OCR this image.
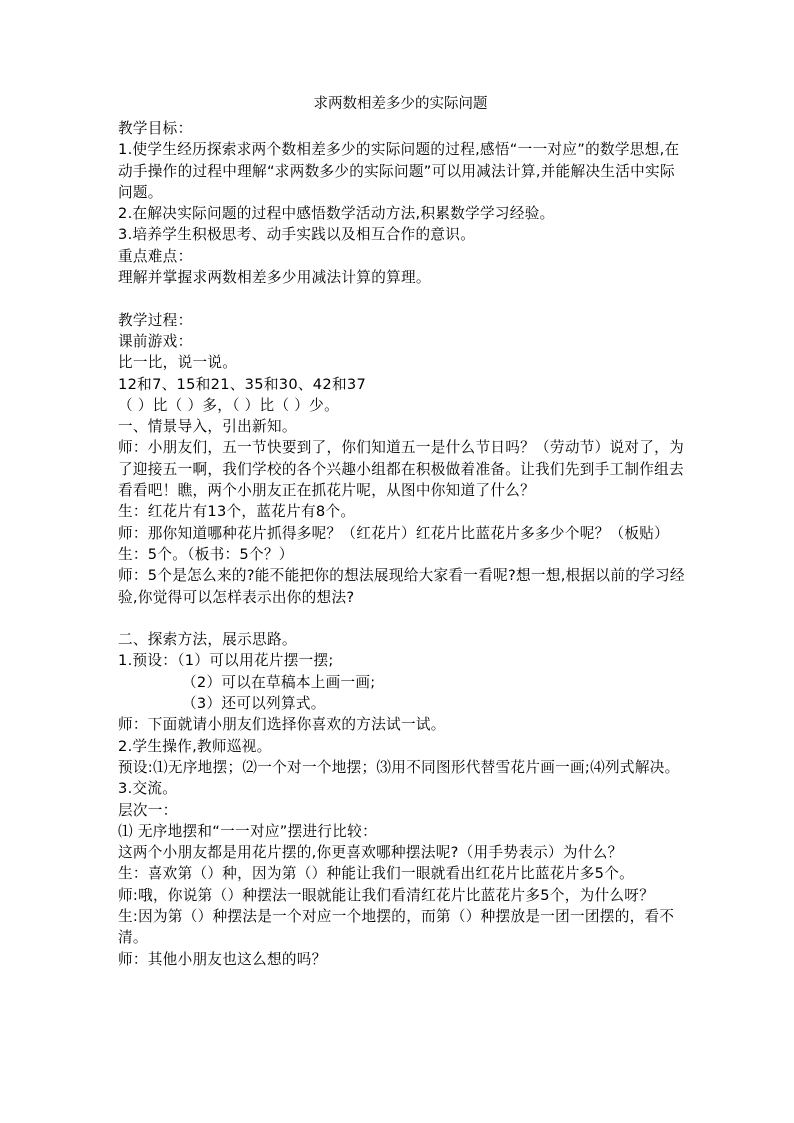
求两数相差多少的实际问题

教学目标：

1.使学生经历探索求两个数相差多少的实际问题的过程,感悟“一一对应”的数学思想,在动手操作的过程中理解“求两数多少的实际问题”可以用减法计算,并能解决生活中实际问题。

2.在解决实际问题的过程中感悟数学活动方法,积累数学学习经验。

3.培养学生积极思考、动手实践以及相互合作的意识。

重点难点：

理解并掌握求两数相差多少用减法计算的算理。

教学过程：

课前游戏：

比一比，说一说。

12和7、15和21、35和30、42和37

（ ）比（ ）多，（ ）比（ ）少。

一、情景导入，引出新知。

师：小朋友们，五一节快要到了，你们知道五一是什么节日吗？（劳动节）说对了，为了迎接五一啊，我们学校的各个兴趣小组都在积极做着准备。让我们先到手工制作组去看看吧！瞧，两个小朋友正在抓花片呢，从图中你知道了什么？

生：红花片有13个，蓝花片有8个。

师：那你知道哪种花片抓得多呢？（红花片）红花片比蓝花片多多少个呢？（板贴）

生：5个。（板书：5个？）

师：5个是怎么来的?能不能把你的想法展现给大家看一看呢?想一想,根据以前的学习经验,你觉得可以怎样表示出你的想法?

二、探索方法，展示思路。

1.预设：（1）可以用花片摆一摆;

（2）可以在草稿本上画一画;

（3）还可以列算式。

师：下面就请小朋友们选择你喜欢的方法试一试。

2.学生操作,教师巡视。

预设:⑴无序地摆；⑵一个对一个地摆；⑶用不同图形代替雪花片画一画;⑷列式解决。

3.交流。

层次一：

⑴ 无序地摆和“一一对应”摆进行比较：

这两个小朋友都是用花片摆的,你更喜欢哪种摆法呢?（用手势表示）为什么？

生：喜欢第（）种，因为第（）种能让我们一眼就看出红花片比蓝花片多5个。

师:哦，你说第（）种摆法一眼就能让我们看清红花片比蓝花片多5个，为什么呀？

生:因为第（）种摆法是一个对应一个地摆的，而第（）种摆放是一团一团摆的，看不清。

师：其他小朋友也这么想的吗？
